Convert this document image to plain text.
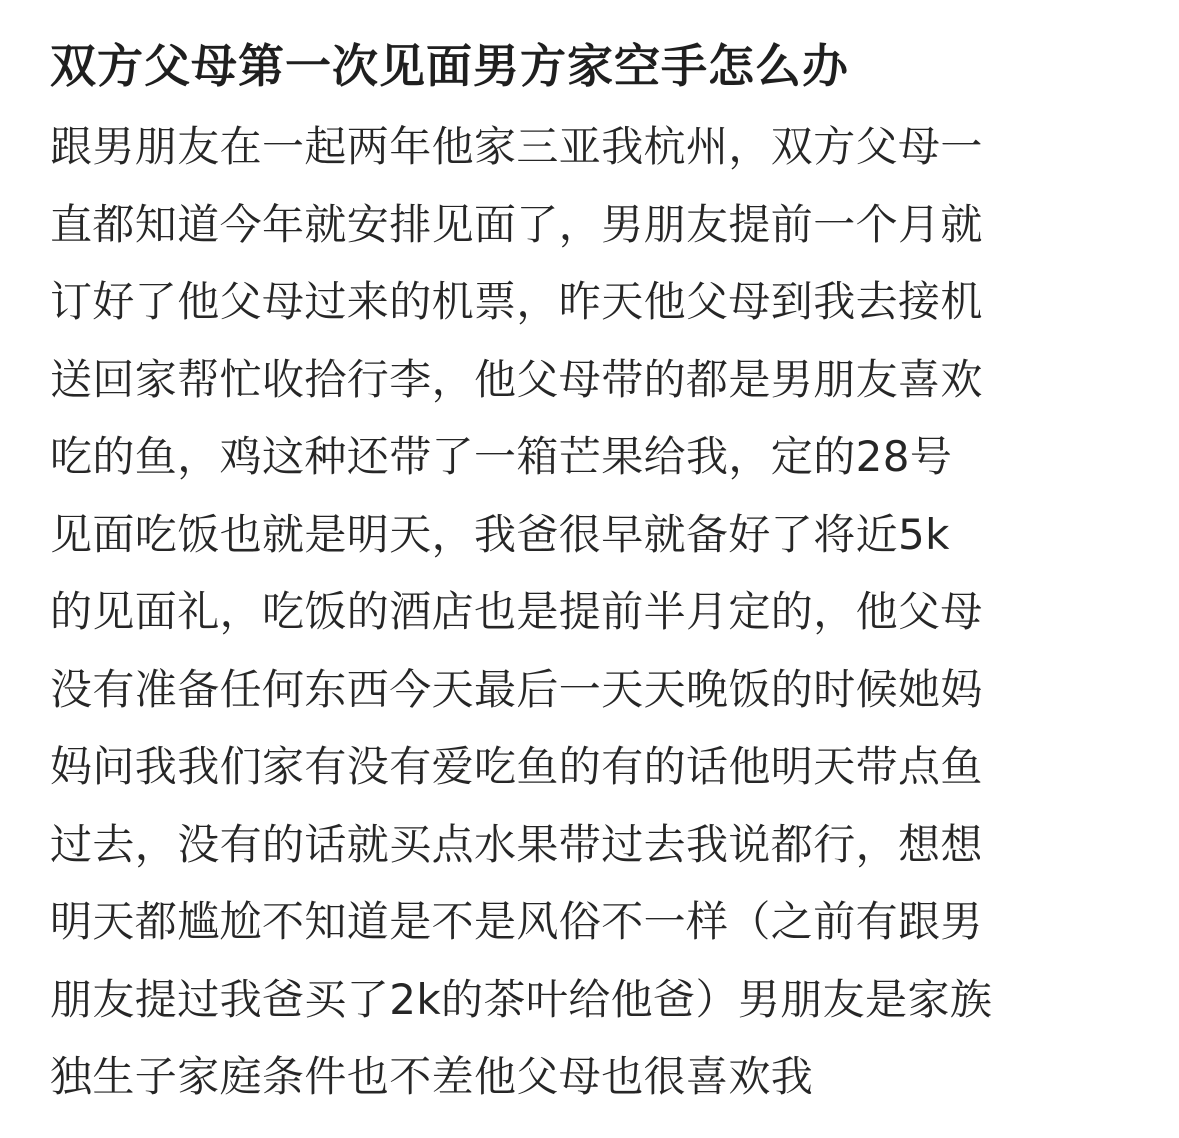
双方父母第一次见面男方家空手怎么办
跟男朋友在一起两年他家三亚我杭州，双方父母一
直都知道今年就安排见面了，男朋友提前一个月就
订好了他父母过来的机票，昨天他父母到我去接机
送回家帮忙收拾行李，他父母带的都是男朋友喜欢
吃的鱼，鸡这种还带了一箱芒果给我，定的28号
见面吃饭也就是明天，我爸很早就备好了将近5k
的见面礼，吃饭的酒店也是提前半月定的，他父母
没有准备任何东西今天最后一天天晚饭的时候她妈
妈问我我们家有没有爱吃鱼的有的话他明天带点鱼
过去，没有的话就买点水果带过去我说都行，想想
明天都尴尬不知道是不是风俗不一样（之前有跟男
朋友提过我爸买了2k的茶叶给他爸）男朋友是家族
独生子家庭条件也不差他父母也很喜欢我
